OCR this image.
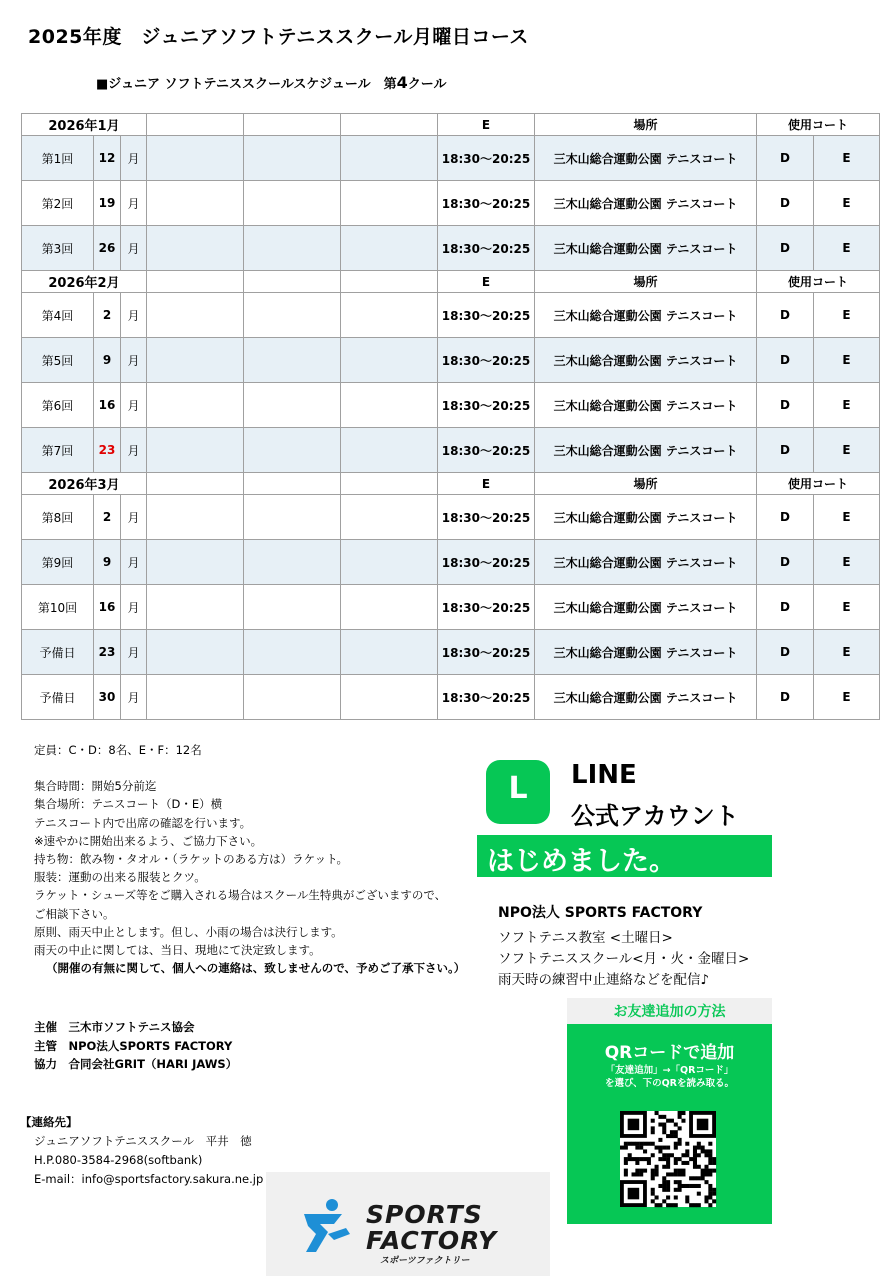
2025年度　ジュニアソフトテニススクール月曜日コース
■ジュニア ソフトテニススクールスケジュール　第4クール
2026年1月						E	場所	使用コート	
第1回	12	月				18:30～20:25	三木山総合運動公園 テニスコート	D	E
第2回	19	月				18:30～20:25	三木山総合運動公園 テニスコート	D	E
第3回	26	月				18:30～20:25	三木山総合運動公園 テニスコート	D	E
2026年2月						E	場所	使用コート	
第4回	2	月				18:30～20:25	三木山総合運動公園 テニスコート	D	E
第5回	9	月				18:30～20:25	三木山総合運動公園 テニスコート	D	E
第6回	16	月				18:30～20:25	三木山総合運動公園 テニスコート	D	E
第7回	23	月				18:30～20:25	三木山総合運動公園 テニスコート	D	E
2026年3月						E	場所	使用コート	
第8回	2	月				18:30～20:25	三木山総合運動公園 テニスコート	D	E
第9回	9	月				18:30～20:25	三木山総合運動公園 テニスコート	D	E
第10回	16	月				18:30～20:25	三木山総合運動公園 テニスコート	D	E
予備日	23	月				18:30～20:25	三木山総合運動公園 テニスコート	D	E
予備日	30	月				18:30～20:25	三木山総合運動公園 テニスコート	D	E
定員：C・D：8名、E・F：12名
集合時間：開始5分前迄
集合場所：テニスコート（D・E）横
テニスコート内で出席の確認を行います。
※速やかに開始出来るよう、ご協力下さい。
持ち物：飲み物・タオル・（ラケットのある方は）ラケット。
服装：運動の出来る服装とクツ。
ラケット・シューズ等をご購入される場合はスクール生特典がございますので、
ご相談下さい。
原則、雨天中止とします。但し、小雨の場合は決行します。
雨天の中止に関しては、当日、現地にて決定致します。
（開催の有無に関して、個人への連絡は、致しませんので、予めご了承下さい。）
主催　三木市ソフトテニス協会
主管　NPO法人SPORTS FACTORY
協力　合同会社GRIT（HARI JAWS）
【連絡先】
ジュニアソフトテニススクール　平井　徳
H.P.080-3584-2968(softbank)
E-mail：info@sportsfactory.sakura.ne.jp
L	LINE
公式アカウント
はじめました。
NPO法人 SPORTS FACTORY
ソフトテニス教室 <土曜日>
ソフトテニススクール<月・火・金曜日>
雨天時の練習中止連絡などを配信♪
お友達追加の方法
QRコードで追加
「友達追加」→「QRコード」
を選び、下のQRを読み取る。
SPORTS
FACTORY
スポーツファクトリー
